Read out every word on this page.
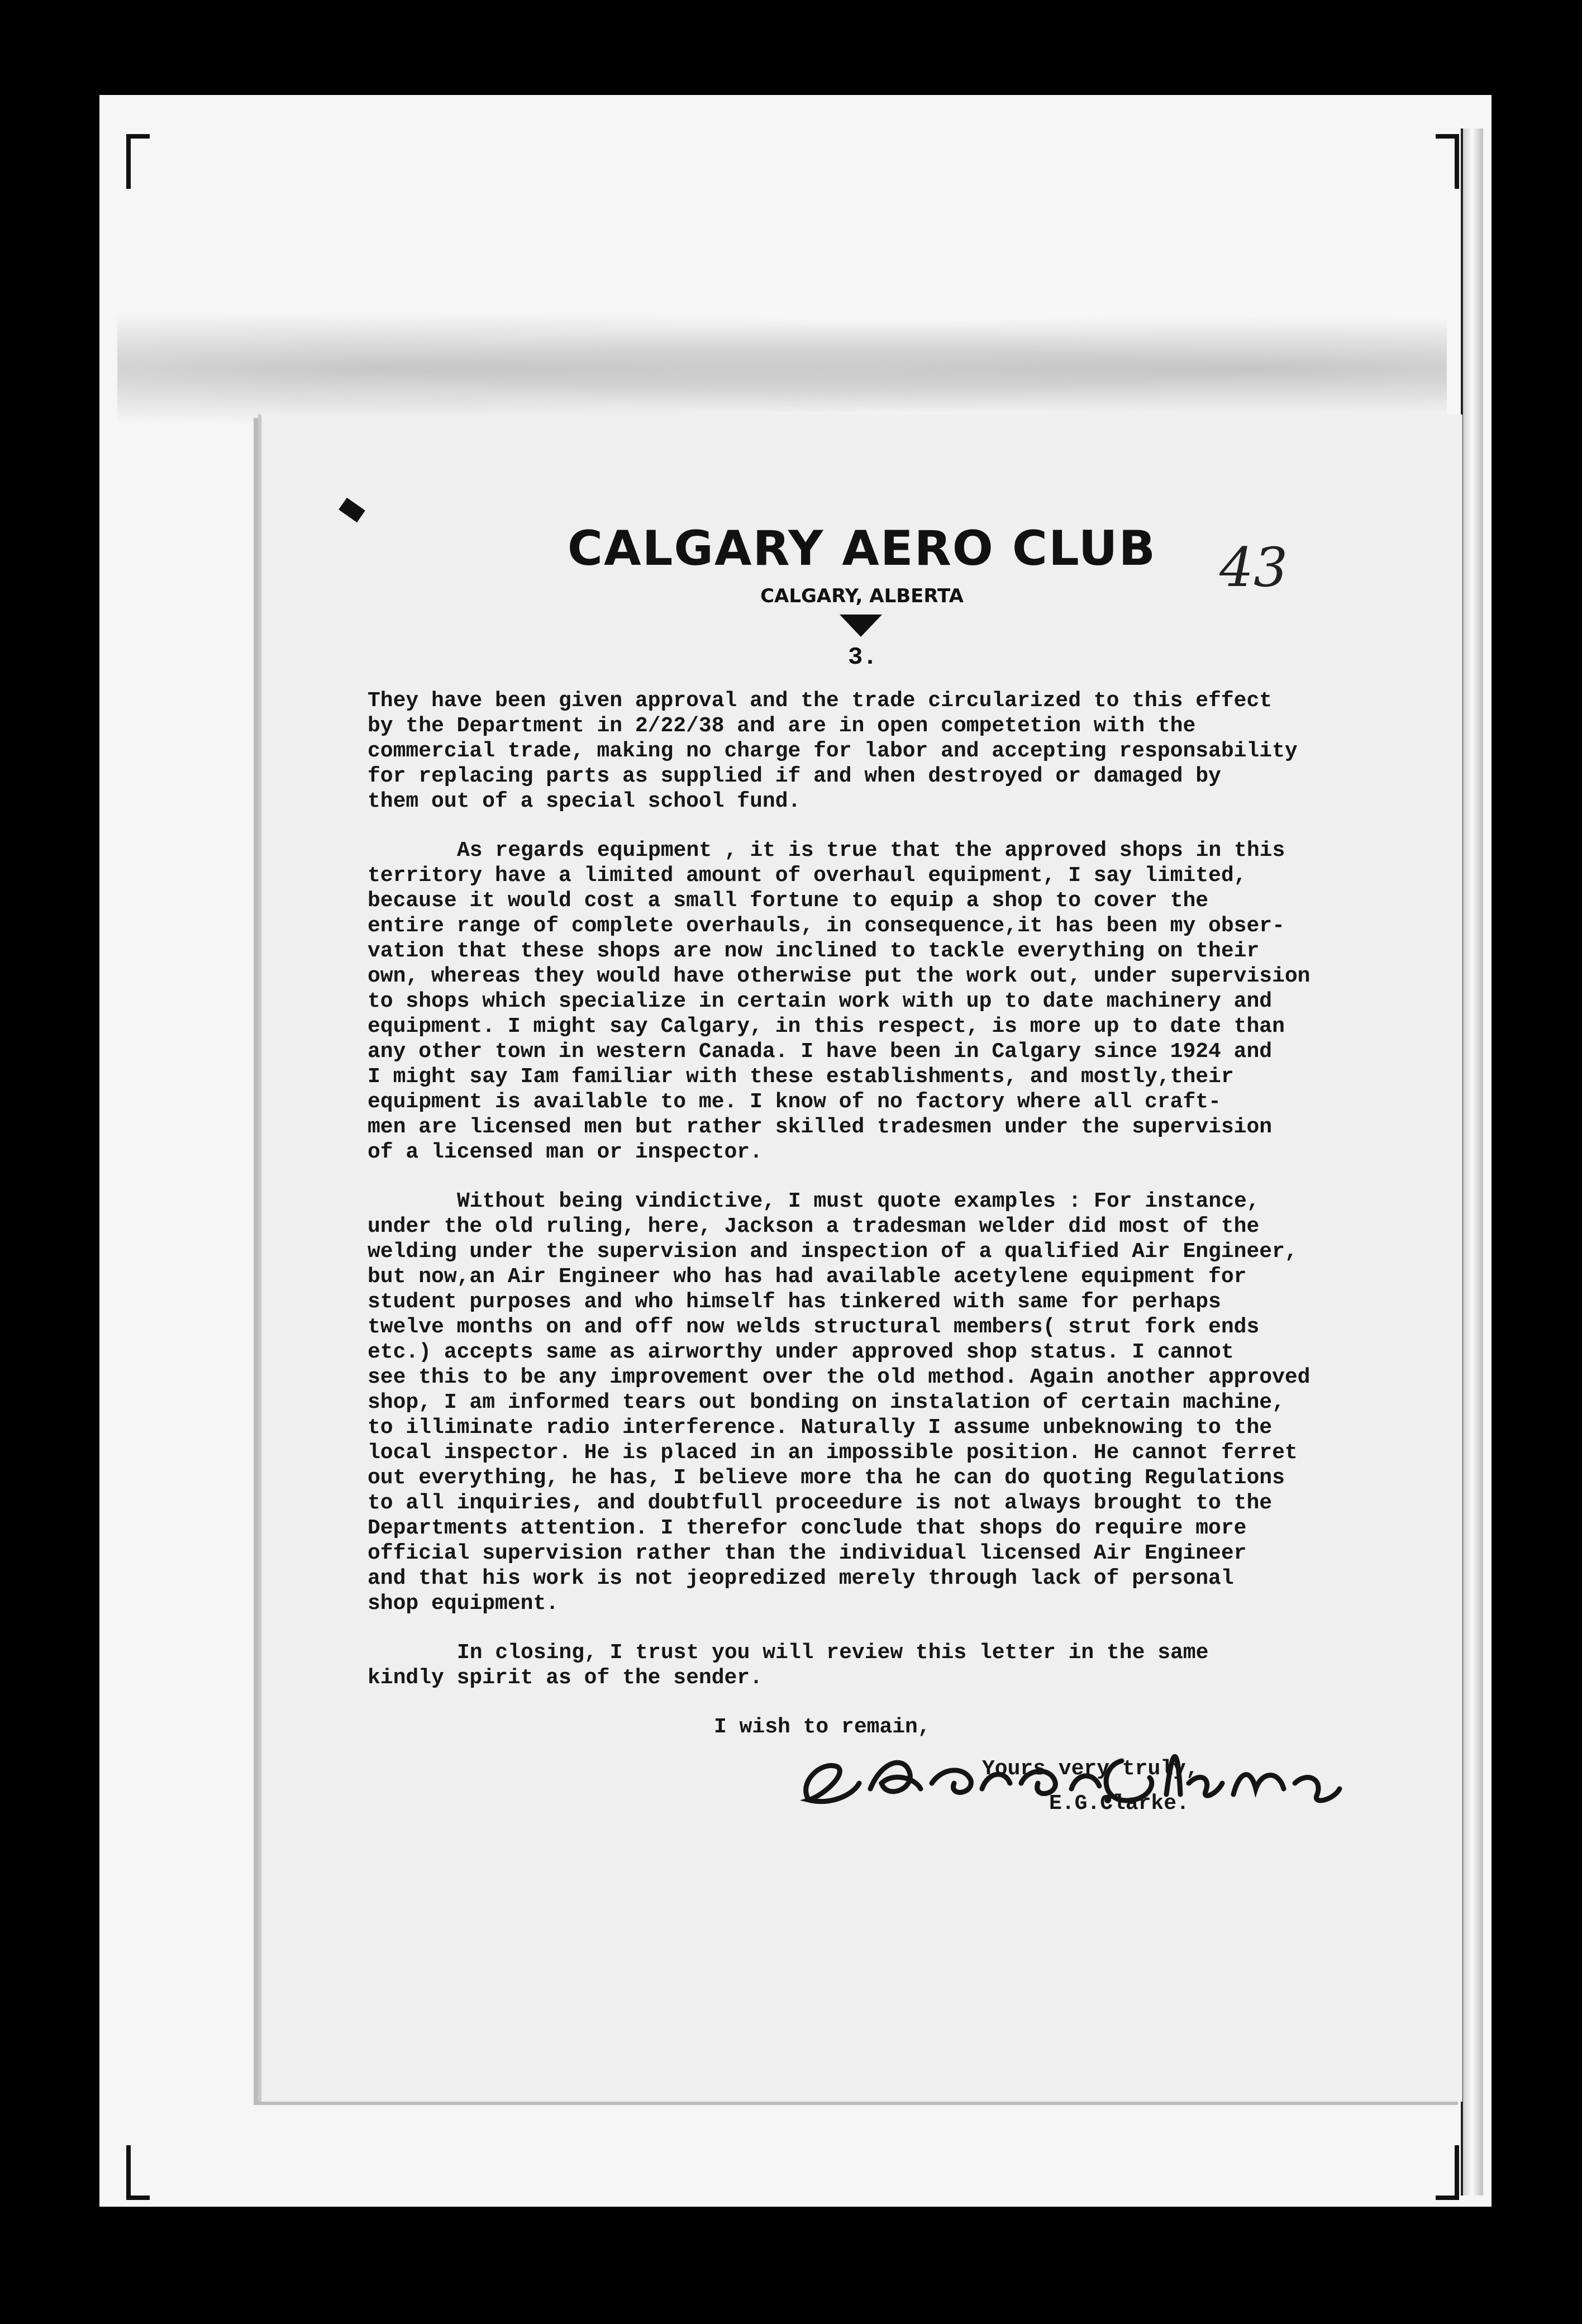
CALGARY AERO CLUB
CALGARY, ALBERTA
3.
43

They have been given approval and the trade circularized to this effect
by the Department in 2/22/38 and are in open competetion with the
commercial trade, making no charge for labor and accepting responsability
for replacing parts as supplied if and when destroyed or damaged by
them out of a special school fund.

As regards equipment , it is true that the approved shops in this
territory have a limited amount of overhaul equipment, I say limited,
because it would cost a small fortune to equip a shop to cover the
entire range of complete overhauls, in consequence,it has been my obser-
vation that these shops are now inclined to tackle everything on their
own, whereas they would have otherwise put the work out, under supervision
to shops which specialize in certain work with up to date machinery and
equipment. I might say Calgary, in this respect, is more up to date than
any other town in western Canada. I have been in Calgary since 1924 and
I might say Iam familiar with these establishments, and mostly,their
equipment is available to me. I know of no factory where all craft-
men are licensed men but rather skilled tradesmen under the supervision
of a licensed man or inspector.

Without being vindictive, I must quote examples : For instance,
under the old ruling, here, Jackson a tradesman welder did most of the
welding under the supervision and inspection of a qualified Air Engineer,
but now,an Air Engineer who has had available acetylene equipment for
student purposes and who himself has tinkered with same for perhaps
twelve months on and off now welds structural members( strut fork ends
etc.) accepts same as airworthy under approved shop status. I cannot
see this to be any improvement over the old method. Again another approved
shop, I am informed tears out bonding on instalation of certain machine,
to illiminate radio interference. Naturally I assume unbeknowing to the
local inspector. He is placed in an impossible position. He cannot ferret
out everything, he has, I believe more tha he can do quoting Regulations
to all inquiries, and doubtfull proceedure is not always brought to the
Departments attention. I therefor conclude that shops do require more
official supervision rather than the individual licensed Air Engineer
and that his work is not jeopredized merely through lack of personal
shop equipment.

In closing, I trust you will review this letter in the same
kindly spirit as of the sender.

I wish to remain,
Yours very truly,
E.G.Clarke.
